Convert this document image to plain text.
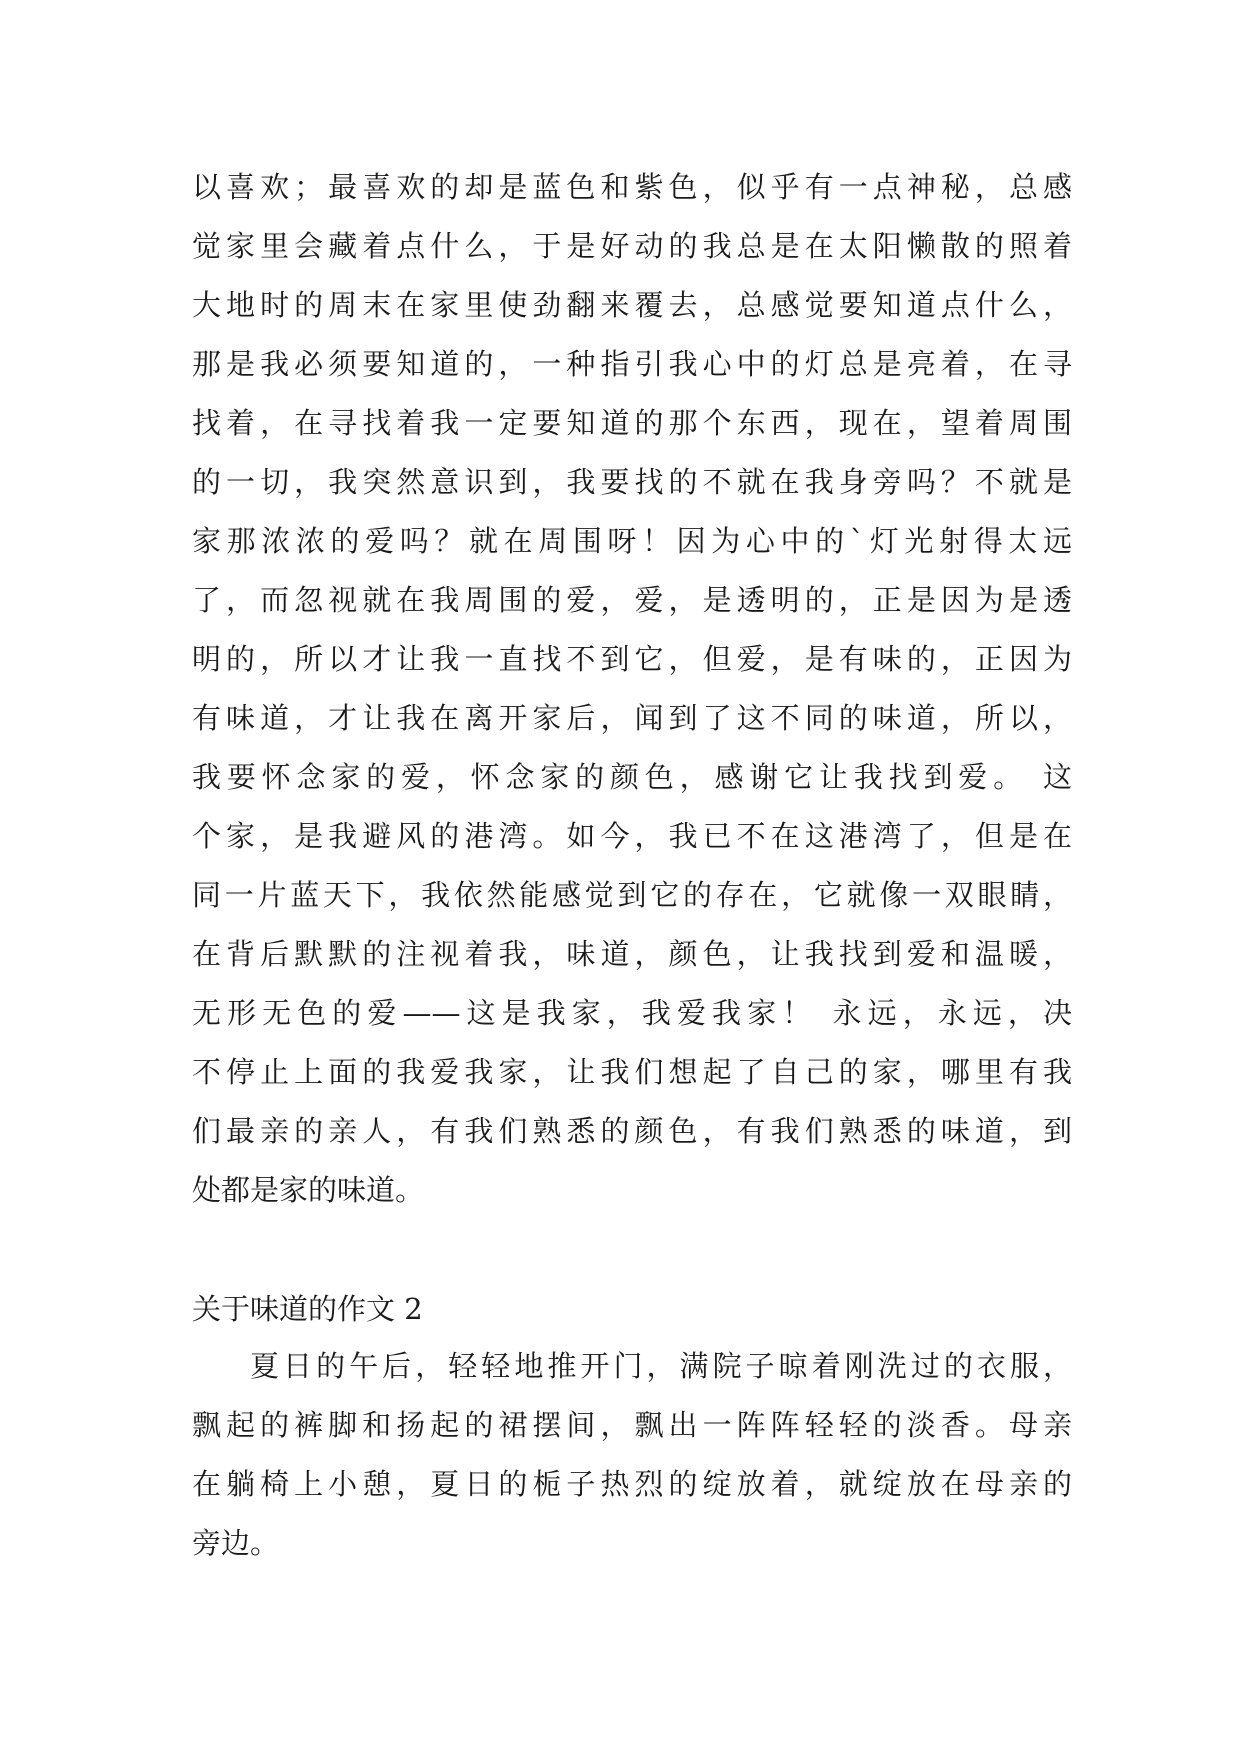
以喜欢；最喜欢的却是蓝色和紫色，似乎有一点神秘，总感
觉家里会藏着点什么，于是好动的我总是在太阳懒散的照着
大地时的周末在家里使劲翻来覆去，总感觉要知道点什么，
那是我必须要知道的，一种指引我心中的灯总是亮着，在寻
找着，在寻找着我一定要知道的那个东西，现在，望着周围
的一切，我突然意识到，我要找的不就在我身旁吗？不就是
家那浓浓的爱吗？就在周围呀！因为心中的`灯光射得太远
了，而忽视就在我周围的爱，爱，是透明的，正是因为是透
明的，所以才让我一直找不到它，但爱，是有味的，正因为
有味道，才让我在离开家后，闻到了这不同的味道，所以，
我要怀念家的爱，怀念家的颜色，感谢它让我找到爱。 这
个家，是我避风的港湾。如今，我已不在这港湾了，但是在
同一片蓝天下，我依然能感觉到它的存在，它就像一双眼睛，
在背后默默的注视着我，味道，颜色，让我找到爱和温暖，
无形无色的爱——这是我家，我爱我家！ 永远，永远，决
不停止上面的我爱我家，让我们想起了自己的家，哪里有我
们最亲的亲人，有我们熟悉的颜色，有我们熟悉的味道，到
处都是家的味道。
关于味道的作文 2
夏日的午后，轻轻地推开门，满院子晾着刚洗过的衣服，
飘起的裤脚和扬起的裙摆间，飘出一阵阵轻轻的淡香。母亲
在躺椅上小憩，夏日的栀子热烈的绽放着，就绽放在母亲的
旁边。
